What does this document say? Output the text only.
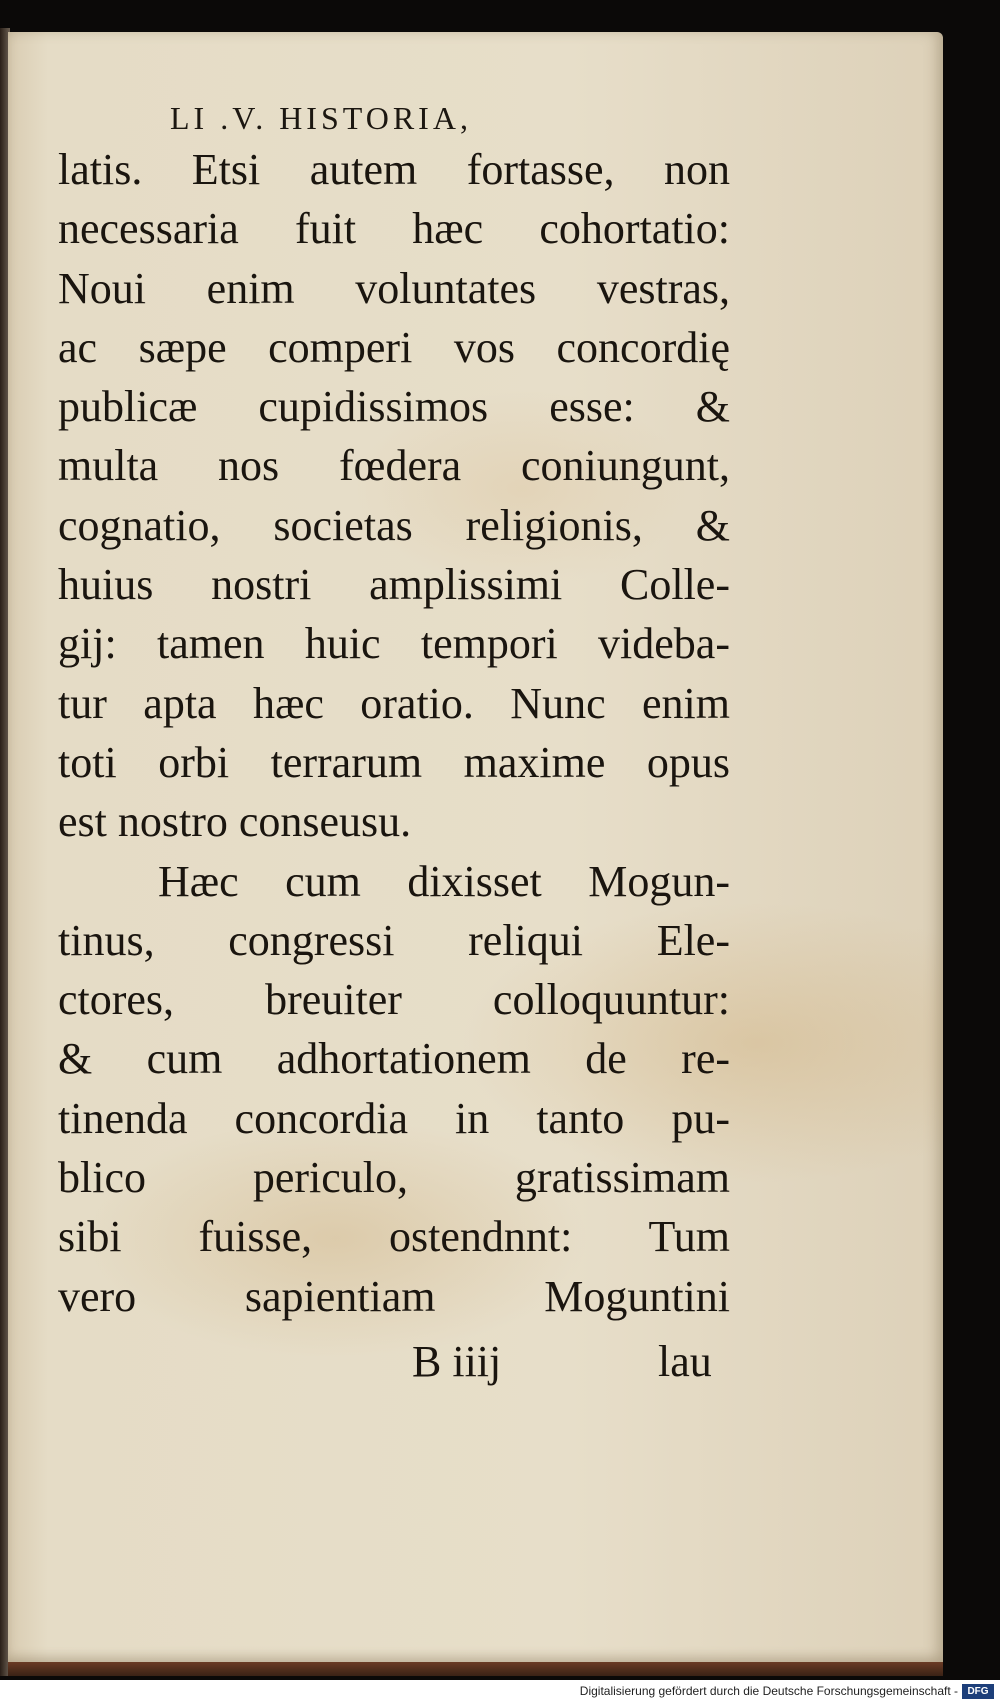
LI .V. HISTORIA,
latis. Etsi autem fortasse, non
necessaria fuit hæc cohortatio:
Noui enim voluntates vestras,
ac sæpe comperi vos concordię
publicæ cupidissimos esse: &
multa nos fœdera coniungunt,
cognatio, societas religionis, &
huius nostri amplissimi Colle-
gij: tamen huic tempori videba-
tur apta hæc oratio. Nunc enim
toti orbi terrarum maxime opus
est nostro conseusu.
Hæc cum dixisset Mogun-
tinus, congressi reliqui Ele-
ctores, breuiter colloquuntur:
& cum adhortationem de re-
tinenda concordia in tanto pu-
blico periculo, gratissimam
sibi fuisse, ostendnnt: Tum
vero sapientiam Moguntini
B iiij	lau
Digitalisierung gefördert durch die Deutsche Forschungsgemeinschaft - DFG
